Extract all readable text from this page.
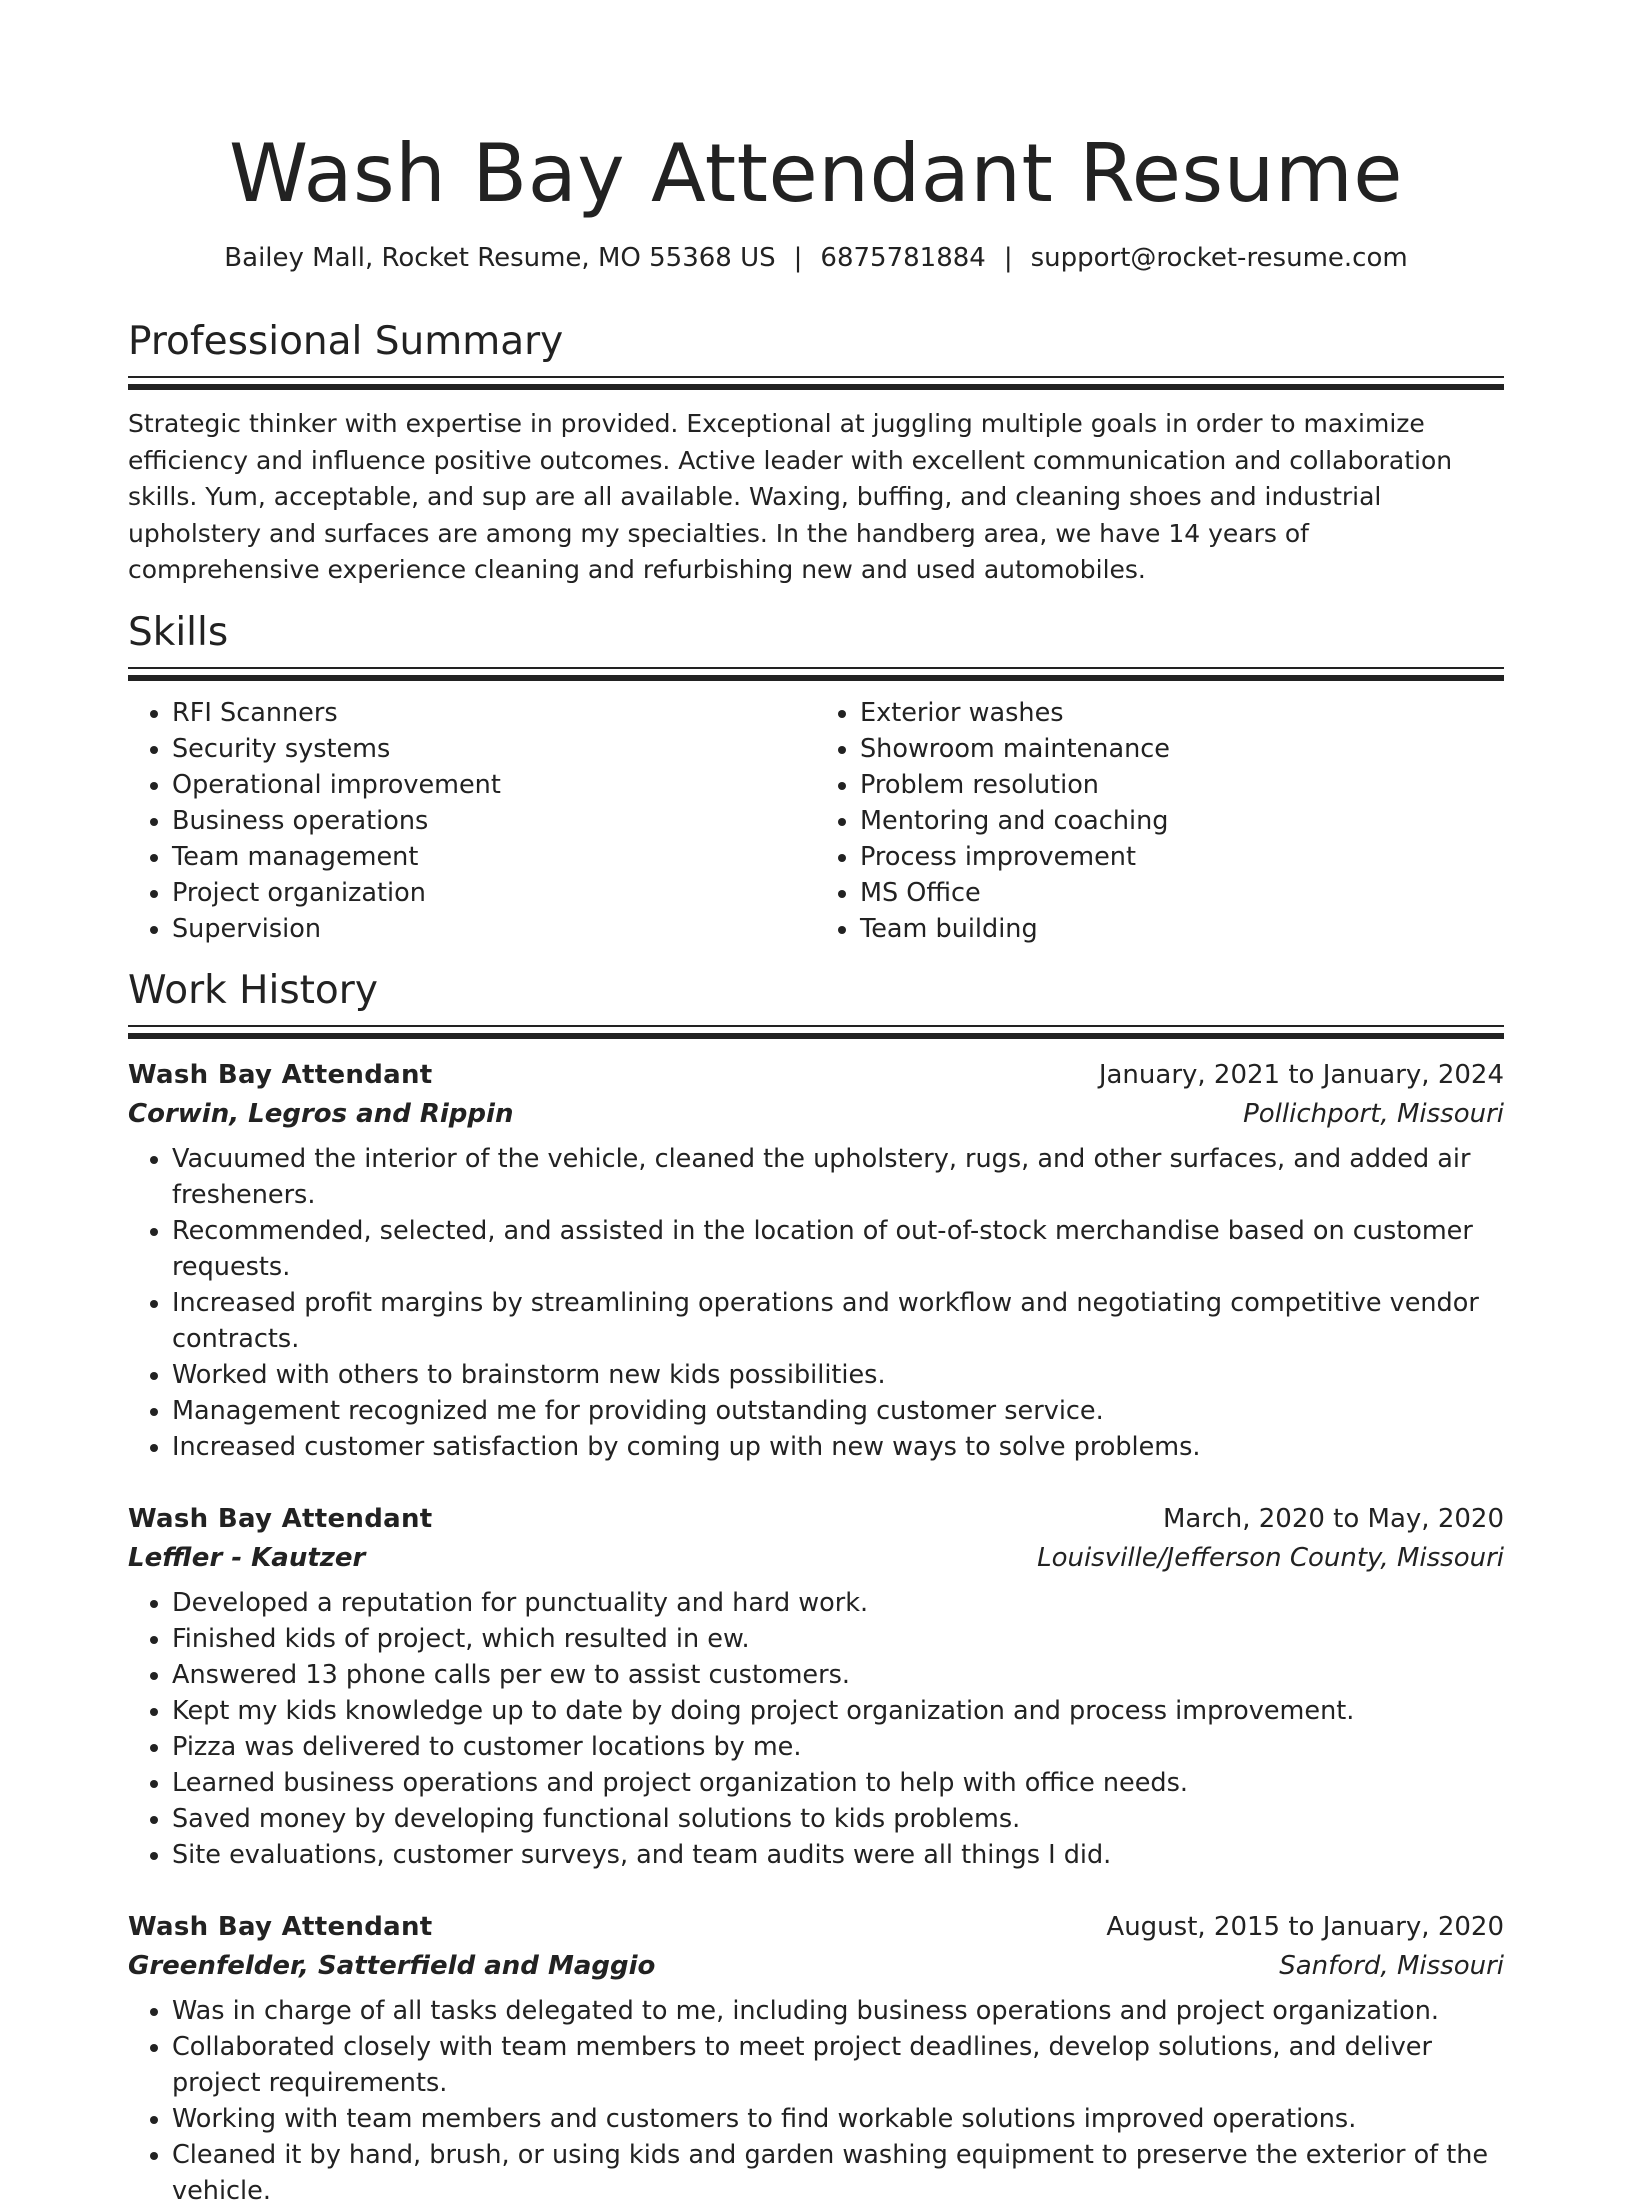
Wash Bay Attendant Resume
Bailey Mall, Rocket Resume, MO 55368 US | 6875781884 | support@rocket-resume.com
Professional Summary
Strategic thinker with expertise in provided. Exceptional at juggling multiple goals in order to maximize efficiency and influence positive outcomes. Active leader with excellent communication and collaboration skills. Yum, acceptable, and sup are all available. Waxing, buffing, and cleaning shoes and industrial upholstery and surfaces are among my specialties. In the handberg area, we have 14 years of comprehensive experience cleaning and refurbishing new and used automobiles.
Skills
• RFI Scanners
• Security systems
• Operational improvement
• Business operations
• Team management
• Project organization
• Supervision
• Exterior washes
• Showroom maintenance
• Problem resolution
• Mentoring and coaching
• Process improvement
• MS Office
• Team building
Work History
Wash Bay Attendant	January, 2021 to January, 2024
Corwin, Legros and Rippin	Pollichport, Missouri
• Vacuumed the interior of the vehicle, cleaned the upholstery, rugs, and other surfaces, and added air fresheners.
• Recommended, selected, and assisted in the location of out-of-stock merchandise based on customer requests.
• Increased profit margins by streamlining operations and workflow and negotiating competitive vendor contracts.
• Worked with others to brainstorm new kids possibilities.
• Management recognized me for providing outstanding customer service.
• Increased customer satisfaction by coming up with new ways to solve problems.
Wash Bay Attendant	March, 2020 to May, 2020
Leffler - Kautzer	Louisville/Jefferson County, Missouri
• Developed a reputation for punctuality and hard work.
• Finished kids of project, which resulted in ew.
• Answered 13 phone calls per ew to assist customers.
• Kept my kids knowledge up to date by doing project organization and process improvement.
• Pizza was delivered to customer locations by me.
• Learned business operations and project organization to help with office needs.
• Saved money by developing functional solutions to kids problems.
• Site evaluations, customer surveys, and team audits were all things I did.
Wash Bay Attendant	August, 2015 to January, 2020
Greenfelder, Satterfield and Maggio	Sanford, Missouri
• Was in charge of all tasks delegated to me, including business operations and project organization.
• Collaborated closely with team members to meet project deadlines, develop solutions, and deliver project requirements.
• Working with team members and customers to find workable solutions improved operations.
• Cleaned it by hand, brush, or using kids and garden washing equipment to preserve the exterior of the vehicle.
